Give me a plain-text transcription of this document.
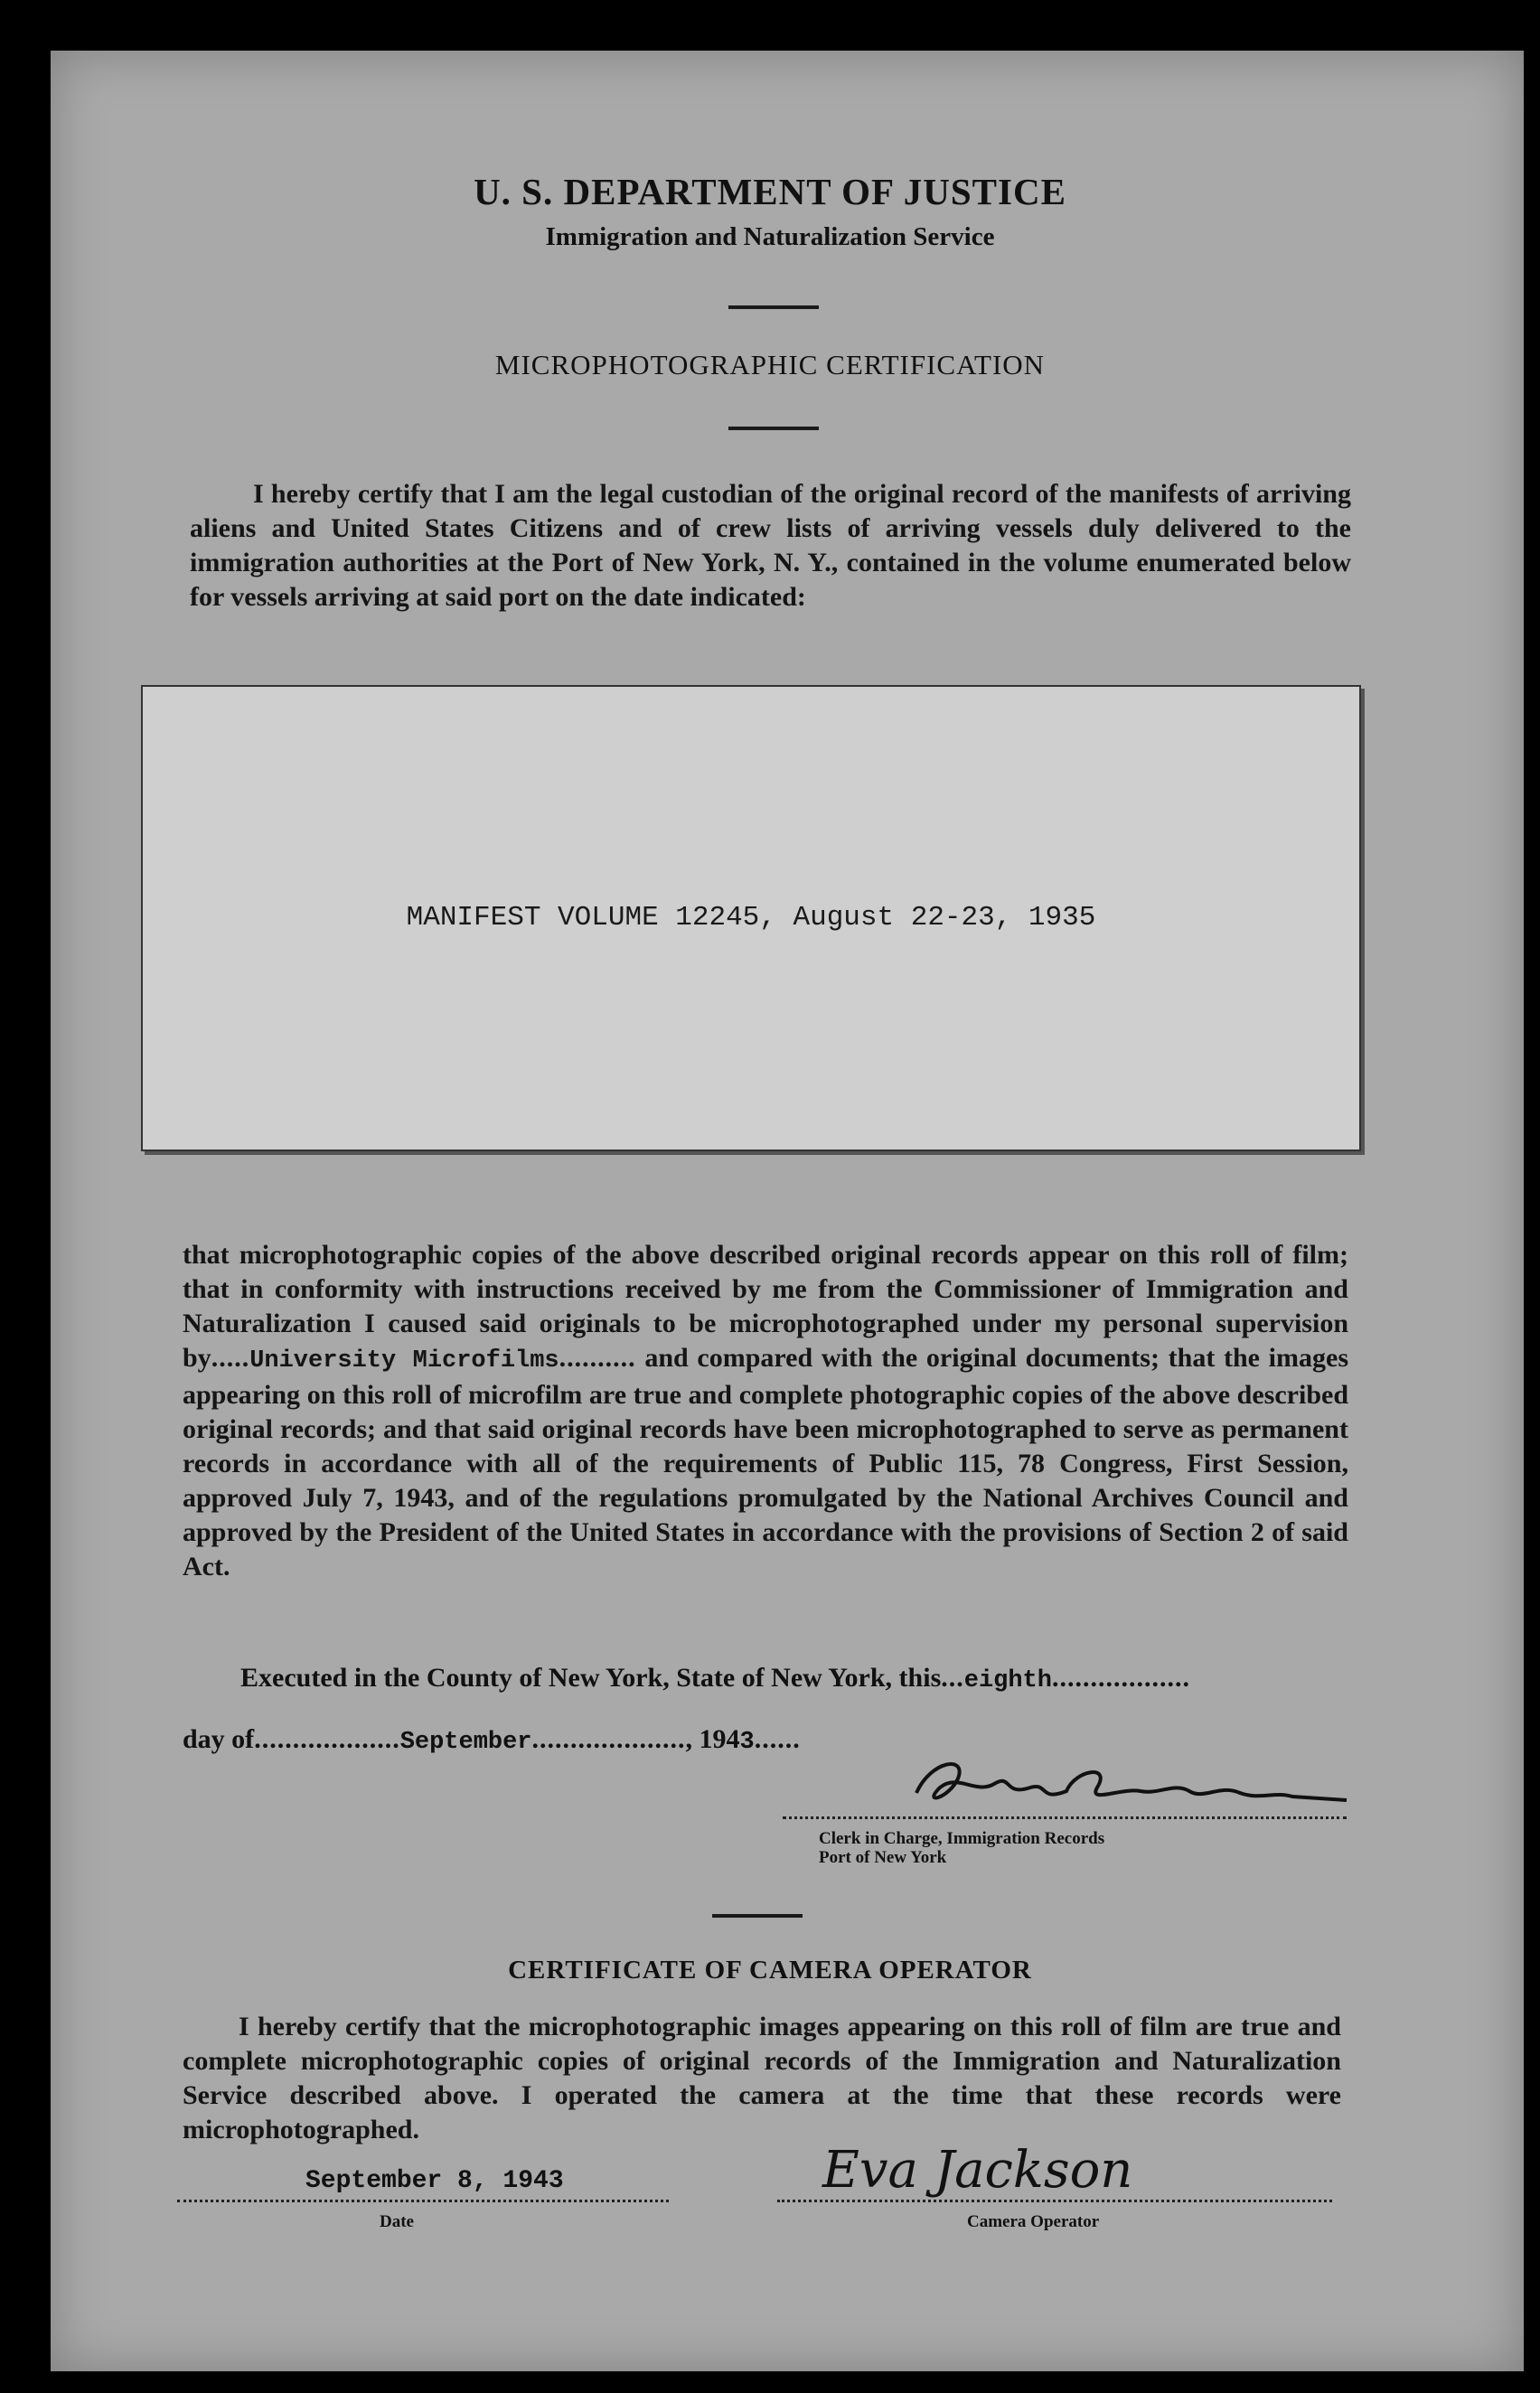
U. S. DEPARTMENT OF JUSTICE
Immigration and Naturalization Service
MICROPHOTOGRAPHIC CERTIFICATION
I hereby certify that I am the legal custodian of the original record of the manifests of arriving aliens and United States Citizens and of crew lists of arriving vessels duly delivered to the immigration authorities at the Port of New York, N. Y., contained in the volume enumerated below for vessels arriving at said port on the date indicated:
MANIFEST VOLUME 12245, August 22-23, 1935
that microphotographic copies of the above described original records appear on this roll of film; that in conformity with instructions received by me from the Commissioner of Immigration and Naturalization I caused said originals to be microphotographed under my personal supervision by.....University Microfilms.......... and compared with the original documents; that the images appearing on this roll of microfilm are true and complete photographic copies of the above described original records; and that said original records have been microphotographed to serve as permanent records in accordance with all of the requirements of Public 115, 78 Congress, First Session, approved July 7, 1943, and of the regulations promulgated by the National Archives Council and approved by the President of the United States in accordance with the provisions of Section 2 of said Act.
Executed in the County of New York, State of New York, this...eighth..................
day of...................September...................., 1943......
Clerk in Charge, Immigration Records
Port of New York
CERTIFICATE OF CAMERA OPERATOR
I hereby certify that the microphotographic images appearing on this roll of film are true and complete microphotographic copies of original records of the Immigration and Naturalization Service described above. I operated the camera at the time that these records were microphotographed.
September 8, 1943
Date
Eva Jackson
Camera Operator
